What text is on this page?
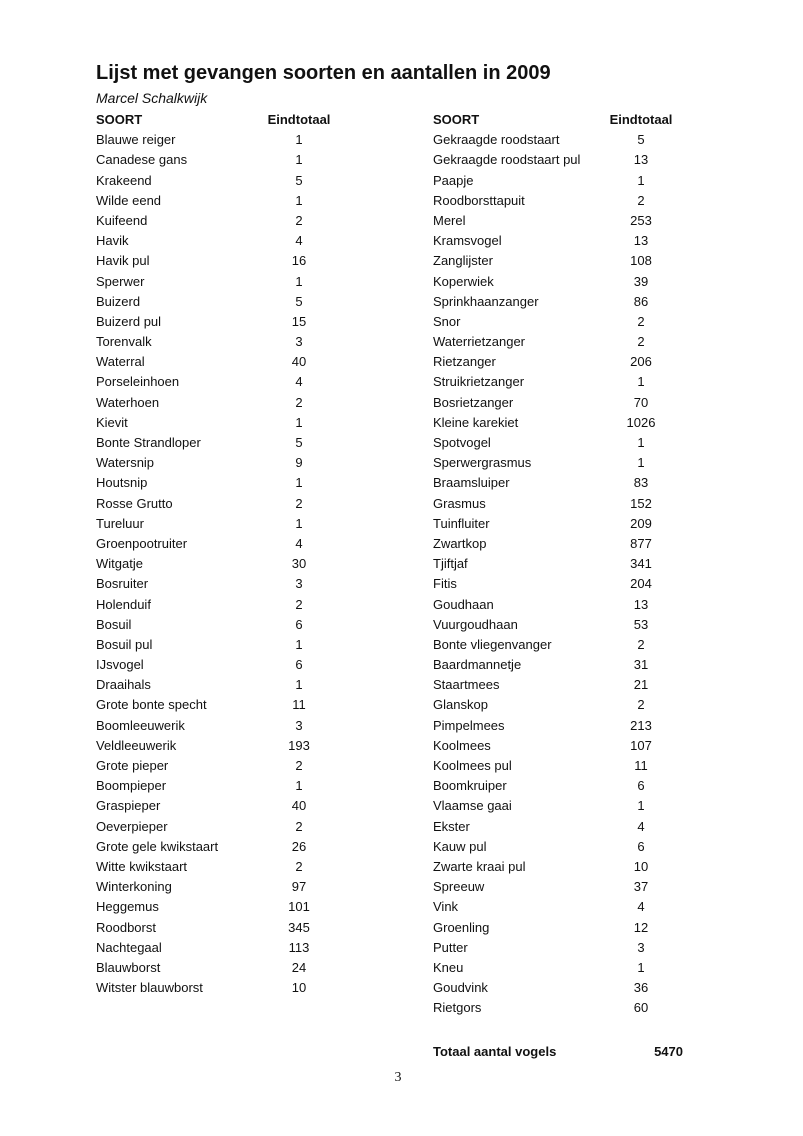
Lijst met gevangen soorten en aantallen in 2009
Marcel Schalkwijk
SOORT	Eindtotaal
Blauwe reiger	1
Canadese gans	1
Krakeend	5
Wilde eend	1
Kuifeend	2
Havik	4
Havik pul	16
Sperwer	1
Buizerd	5
Buizerd pul	15
Torenvalk	3
Waterral	40
Porseleinhoen	4
Waterhoen	2
Kievit	1
Bonte Strandloper	5
Watersnip	9
Houtsnip	1
Rosse Grutto	2
Tureluur	1
Groenpootruiter	4
Witgatje	30
Bosruiter	3
Holenduif	2
Bosuil	6
Bosuil pul	1
IJsvogel	6
Draaihals	1
Grote bonte specht	11
Boomleeuwerik	3
Veldleeuwerik	193
Grote pieper	2
Boompieper	1
Graspieper	40
Oeverpieper	2
Grote gele kwikstaart	26
Witte kwikstaart	2
Winterkoning	97
Heggemus	101
Roodborst	345
Nachtegaal	113
Blauwborst	24
Witster blauwborst	10
SOORT	Eindtotaal
Gekraagde roodstaart	5
Gekraagde roodstaart pul	13
Paapje	1
Roodborsttapuit	2
Merel	253
Kramsvogel	13
Zanglijster	108
Koperwiek	39
Sprinkhaanzanger	86
Snor	2
Waterrietzanger	2
Rietzanger	206
Struikrietzanger	1
Bosrietzanger	70
Kleine karekiet	1026
Spotvogel	1
Sperwergrasmus	1
Braamsluiper	83
Grasmus	152
Tuinfluiter	209
Zwartkop	877
Tjiftjaf	341
Fitis	204
Goudhaan	13
Vuurgoudhaan	53
Bonte vliegenvanger	2
Baardmannetje	31
Staartmees	21
Glanskop	2
Pimpelmees	213
Koolmees	107
Koolmees pul	11
Boomkruiper	6
Vlaamse gaai	1
Ekster	4
Kauw pul	6
Zwarte kraai pul	10
Spreeuw	37
Vink	4
Groenling	12
Putter	3
Kneu	1
Goudvink	36
Rietgors	60
Totaal aantal vogels	5470
3
